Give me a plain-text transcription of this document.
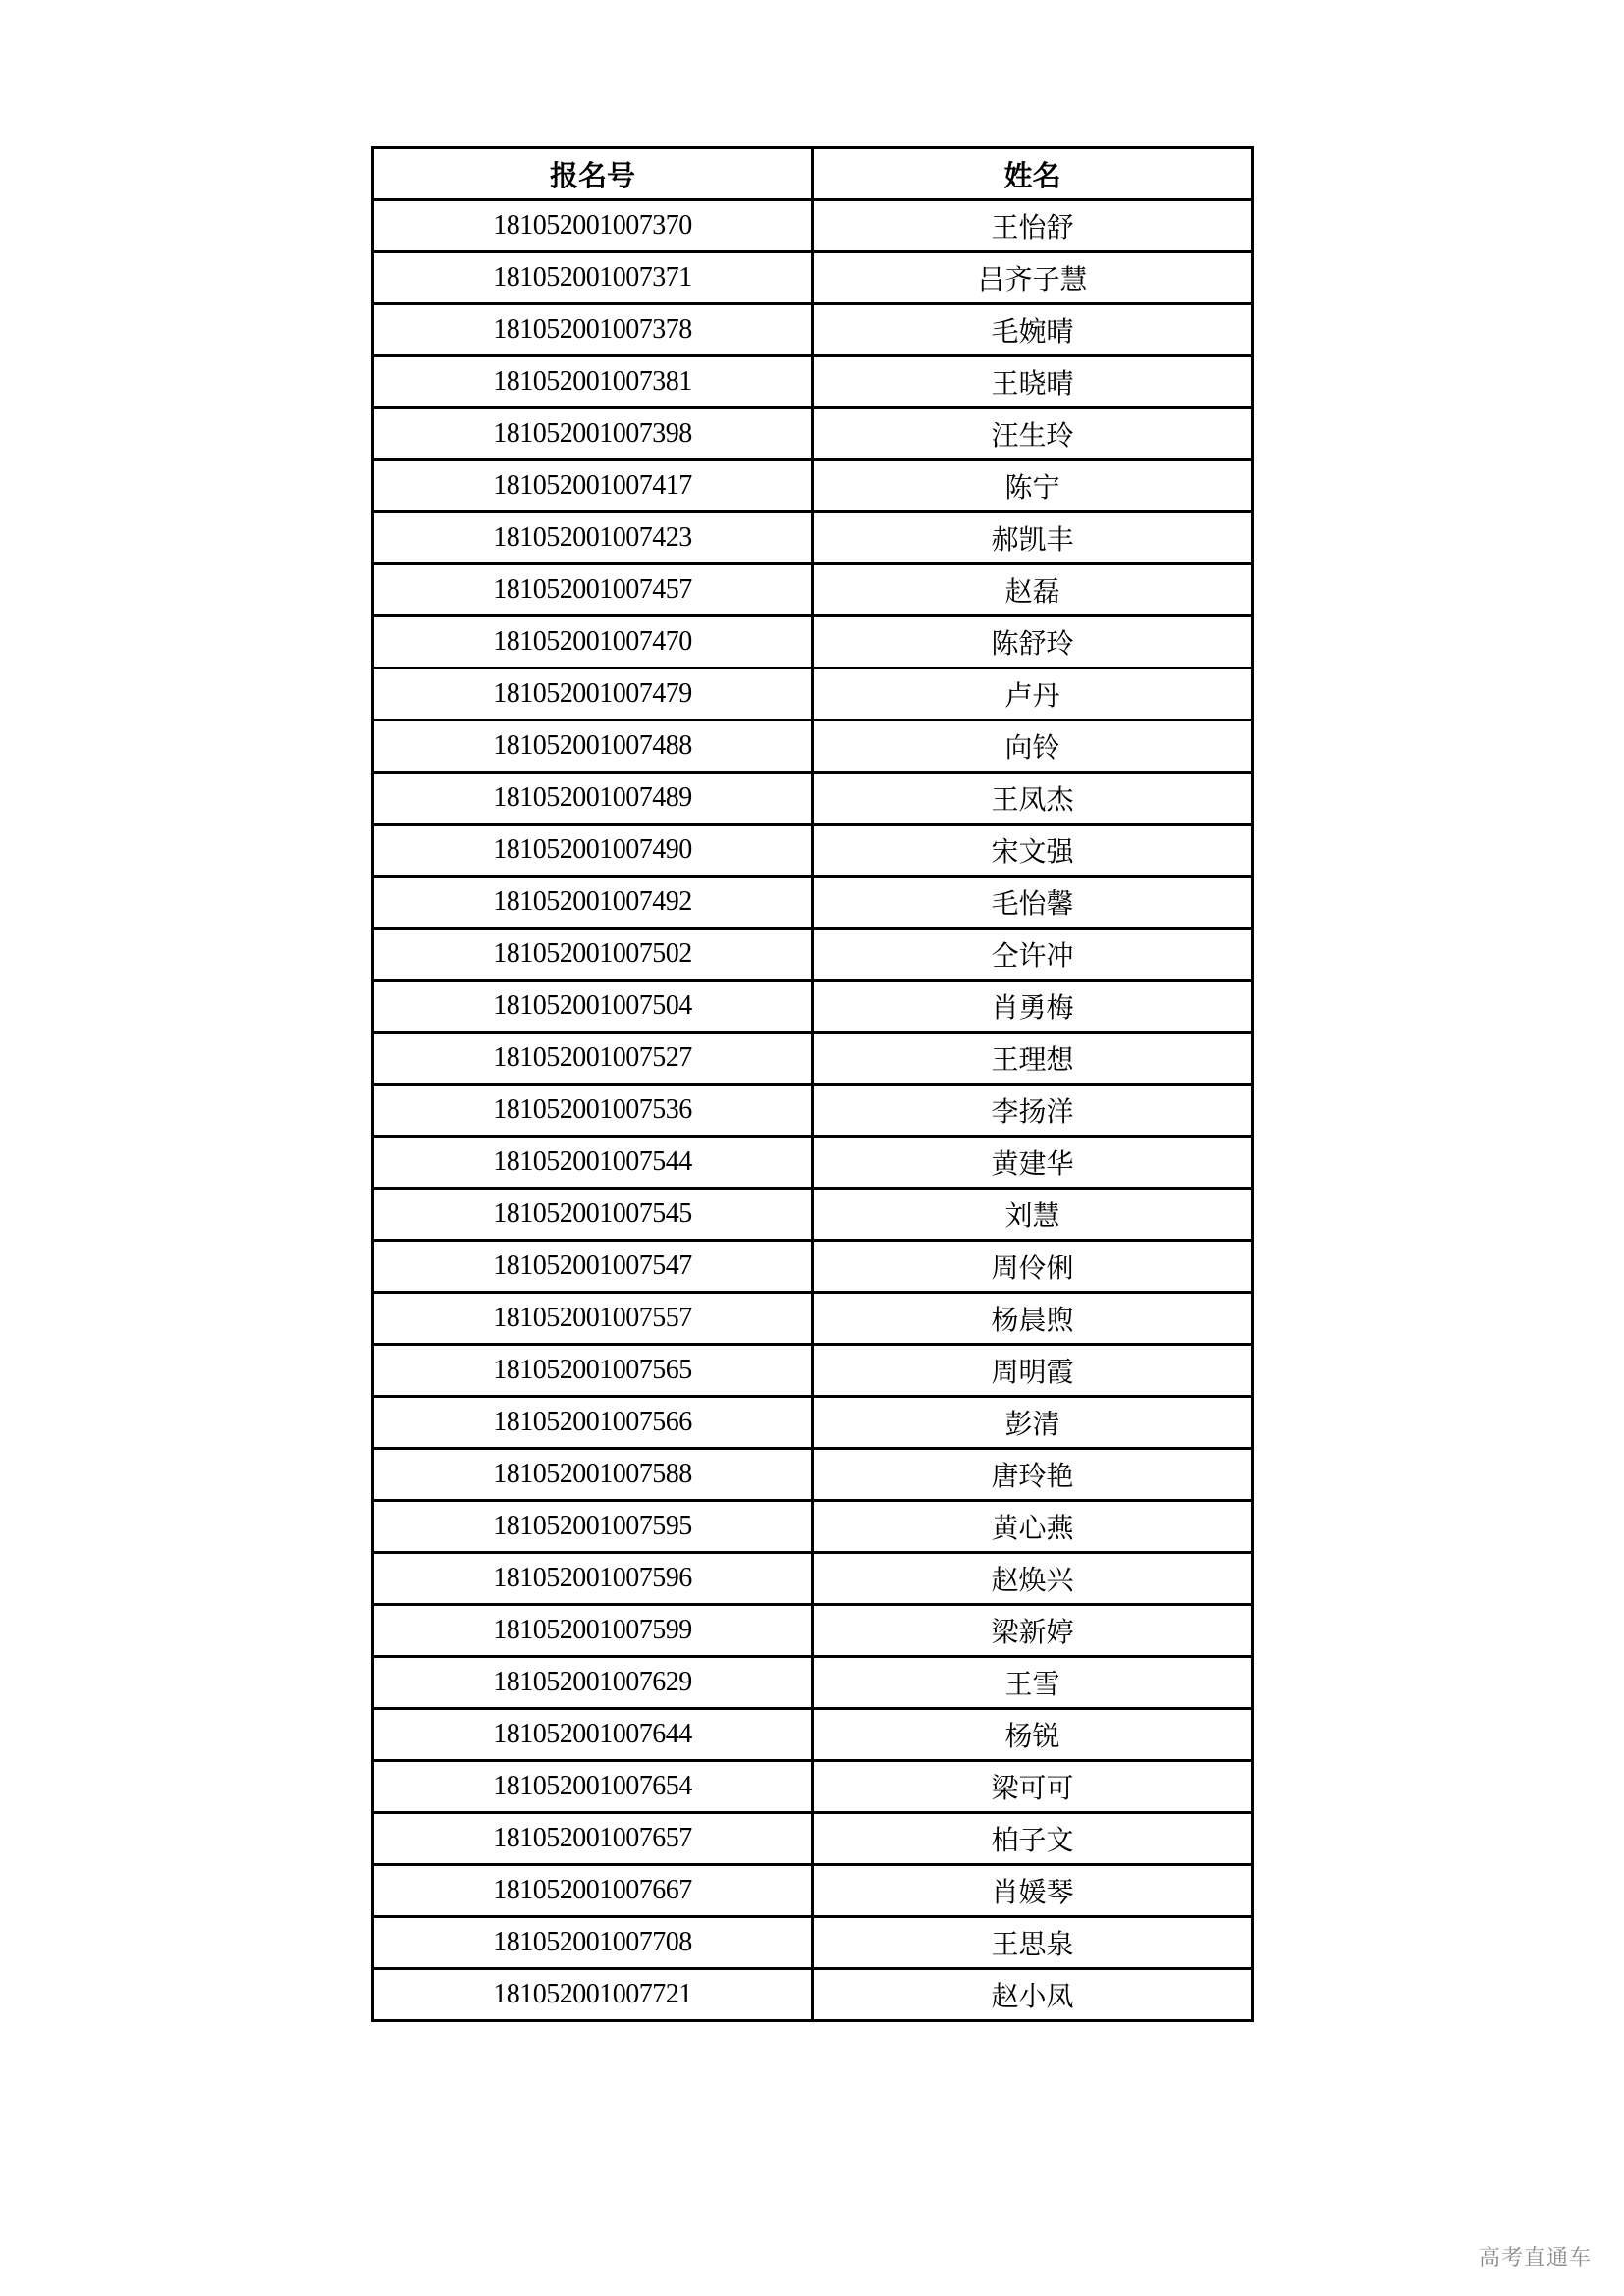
报名号	姓名
181052001007370	王怡舒
181052001007371	吕齐子慧
181052001007378	毛婉晴
181052001007381	王晓晴
181052001007398	汪生玲
181052001007417	陈宁
181052001007423	郝凯丰
181052001007457	赵磊
181052001007470	陈舒玲
181052001007479	卢丹
181052001007488	向铃
181052001007489	王凤杰
181052001007490	宋文强
181052001007492	毛怡馨
181052001007502	仝许冲
181052001007504	肖勇梅
181052001007527	王理想
181052001007536	李扬洋
181052001007544	黄建华
181052001007545	刘慧
181052001007547	周伶俐
181052001007557	杨晨煦
181052001007565	周明霞
181052001007566	彭清
181052001007588	唐玲艳
181052001007595	黄心燕
181052001007596	赵焕兴
181052001007599	梁新婷
181052001007629	王雪
181052001007644	杨锐
181052001007654	梁可可
181052001007657	柏子文
181052001007667	肖媛琴
181052001007708	王思泉
181052001007721	赵小凤
高考直通车
